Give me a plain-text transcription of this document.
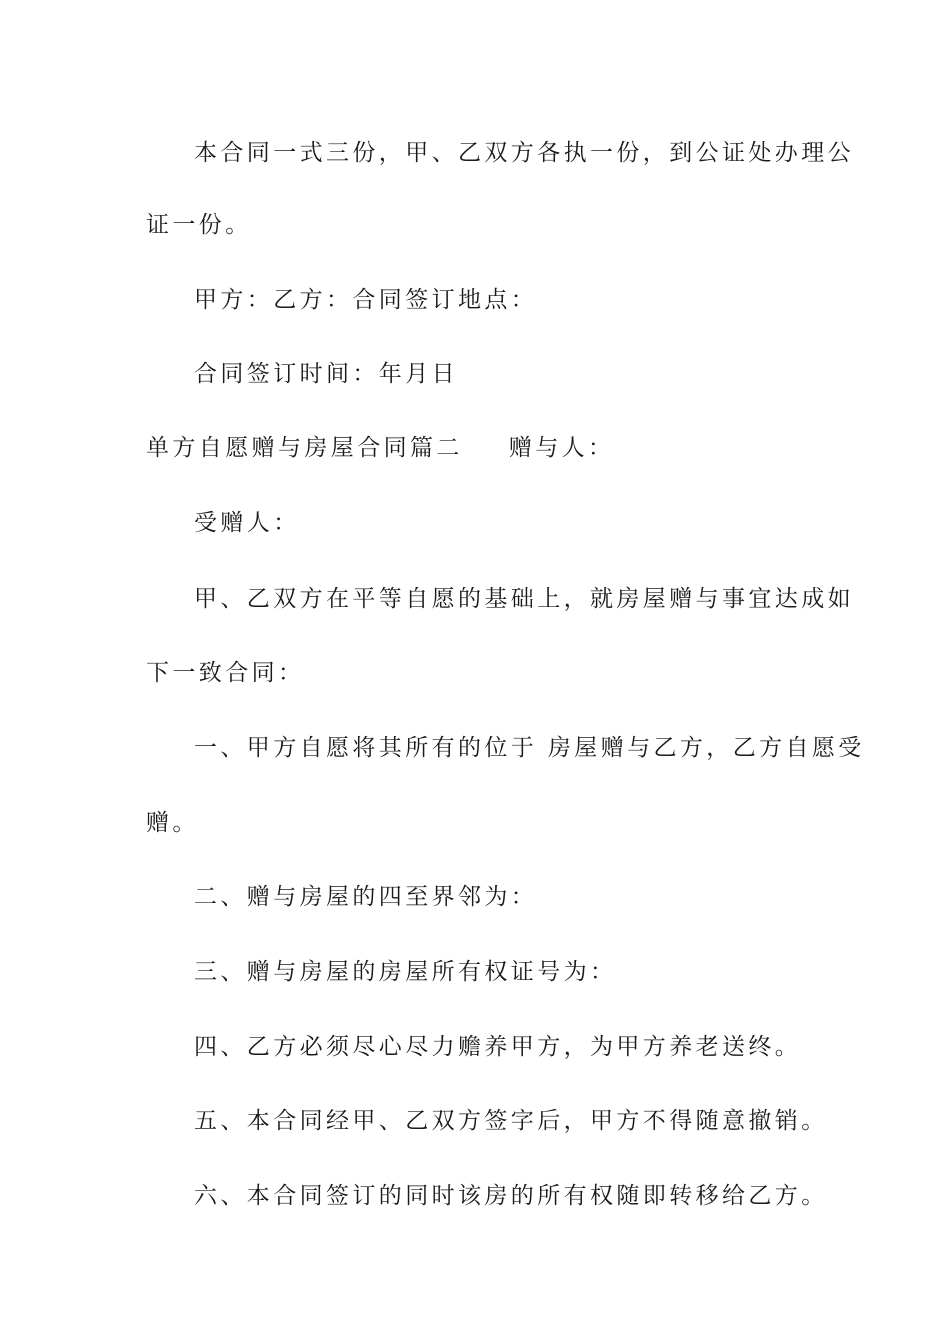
本合同一式三份，甲、乙双方各执一份，到公证处办理公
证一份。
甲方：乙方：合同签订地点：
合同签订时间：年月日
单方自愿赠与房屋合同篇二 赠与人：
受赠人：
甲、乙双方在平等自愿的基础上，就房屋赠与事宜达成如
下一致合同：
一、甲方自愿将其所有的位于 房屋赠与乙方，乙方自愿受
赠。
二、赠与房屋的四至界邻为：
三、赠与房屋的房屋所有权证号为：
四、乙方必须尽心尽力赡养甲方，为甲方养老送终。
五、本合同经甲、乙双方签字后，甲方不得随意撤销。
六、本合同签订的同时该房的所有权随即转移给乙方。
